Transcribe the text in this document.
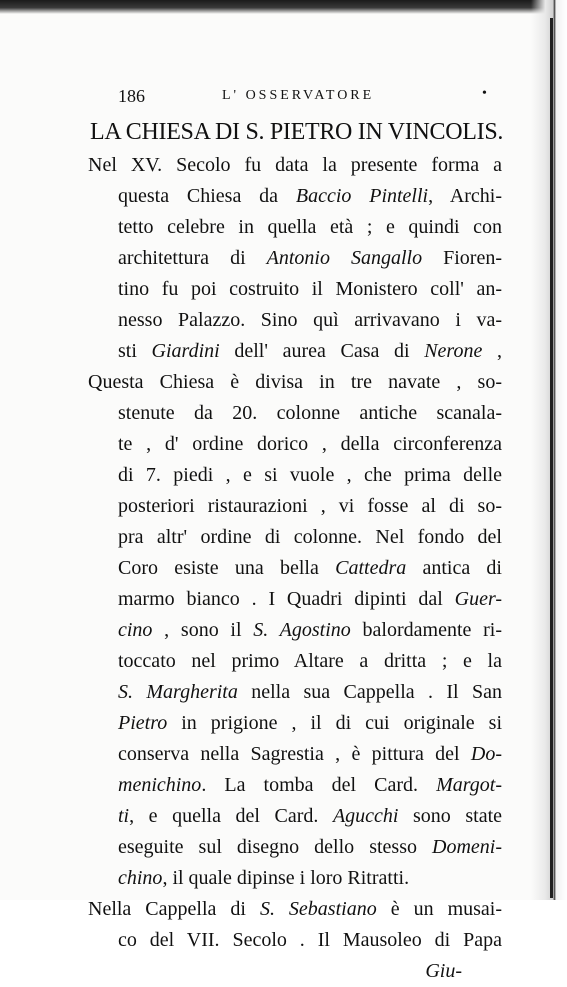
186	L' OSSERVATORE	•
LA CHIESA DI S. PIETRO IN VINCOLIS.
Nel XV. Secolo fu data la presente forma a
questa Chiesa da Baccio Pintelli, Archi-
tetto celebre in quella età ; e quindi con
architettura di Antonio Sangallo Fioren-
tino fu poi costruito il Monistero coll' an-
nesso Palazzo. Sino quì arrivavano i va-
sti Giardini dell' aurea Casa di Nerone ,
Questa Chiesa è divisa in tre navate , so-
stenute da 20. colonne antiche scanala-
te , d' ordine dorico , della circonferenza
di 7. piedi , e si vuole , che prima delle
posteriori ristaurazioni , vi fosse al di so-
pra altr' ordine di colonne. Nel fondo del
Coro esiste una bella Cattedra antica di
marmo bianco . I Quadri dipinti dal Guer-
cino , sono il S. Agostino balordamente ri-
toccato nel primo Altare a dritta ; e la
S. Margherita nella sua Cappella . Il San
Pietro in prigione , il di cui originale si
conserva nella Sagrestia , è pittura del Do-
menichino. La tomba del Card. Margot-
ti, e quella del Card. Agucchi sono state
eseguite sul disegno dello stesso Domeni-
chino, il quale dipinse i loro Ritratti.
Nella Cappella di S. Sebastiano è un musai-
co del VII. Secolo . Il Mausoleo di Papa
Giu-
